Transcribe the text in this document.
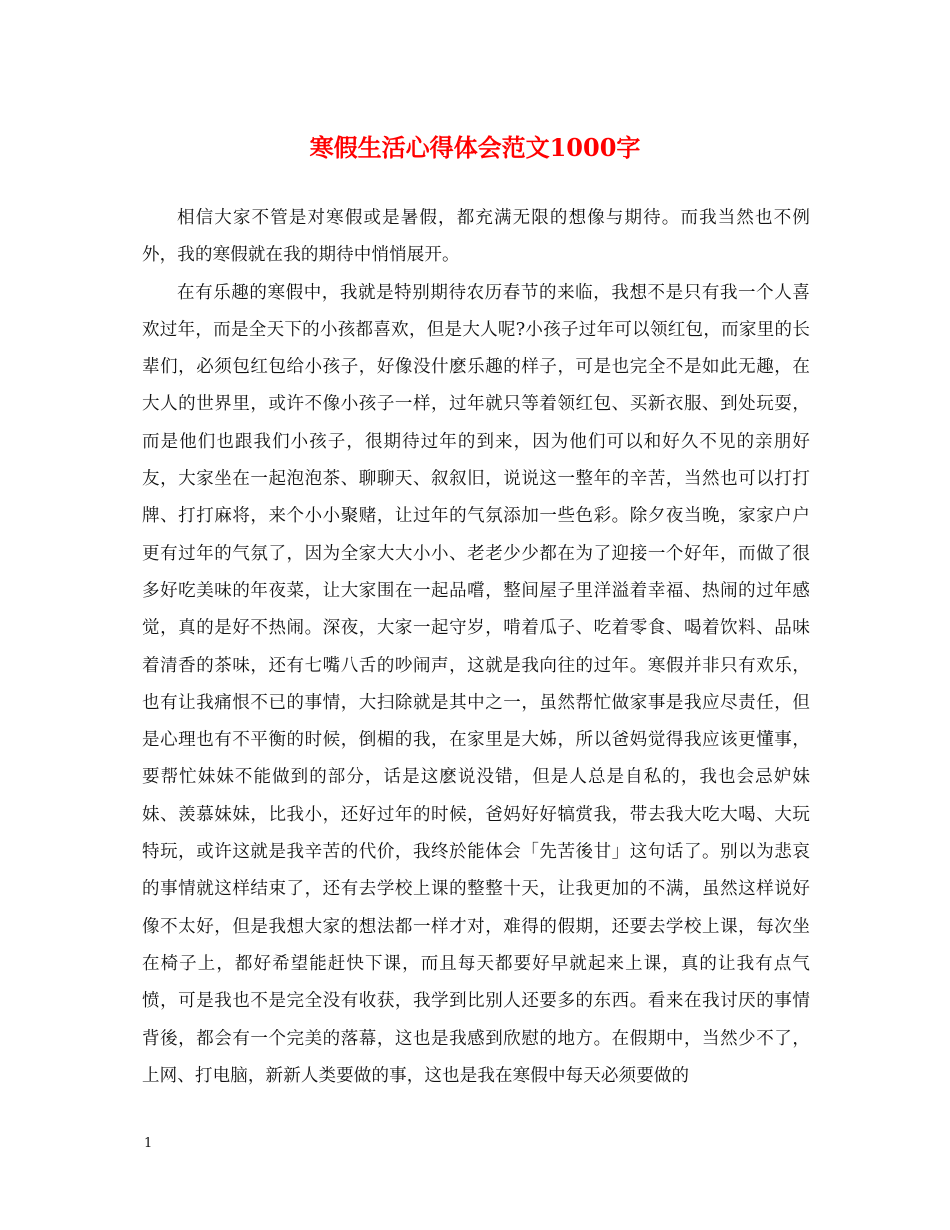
寒假生活心得体会范文1000字

相信大家不管是对寒假或是暑假，都充满无限的想像与期待。而我当然也不例外，我的寒假就在我的期待中悄悄展开。

在有乐趣的寒假中，我就是特别期待农历春节的来临，我想不是只有我一个人喜欢过年，而是全天下的小孩都喜欢，但是大人呢?小孩子过年可以领红包，而家里的长辈们，必须包红包给小孩子，好像没什麽乐趣的样子，可是也完全不是如此无趣，在大人的世界里，或许不像小孩子一样，过年就只等着领红包、买新衣服、到处玩耍，而是他们也跟我们小孩子，很期待过年的到来，因为他们可以和好久不见的亲朋好友，大家坐在一起泡泡茶、聊聊天、叙叙旧，说说这一整年的辛苦，当然也可以打打牌、打打麻将，来个小小聚赌，让过年的气氛添加一些色彩。除夕夜当晚，家家户户更有过年的气氛了，因为全家大大小小、老老少少都在为了迎接一个好年，而做了很多好吃美味的年夜菜，让大家围在一起品嚐，整间屋子里洋溢着幸福、热闹的过年感觉，真的是好不热闹。深夜，大家一起守岁，啃着瓜子、吃着零食、喝着饮料、品味着清香的茶味，还有七嘴八舌的吵闹声，这就是我向往的过年。寒假并非只有欢乐，也有让我痛恨不已的事情，大扫除就是其中之一，虽然帮忙做家事是我应尽责任，但是心理也有不平衡的时候，倒楣的我，在家里是大姊，所以爸妈觉得我应该更懂事，要帮忙妹妹不能做到的部分，话是这麽说没错，但是人总是自私的，我也会忌妒妹妹、羡慕妹妹，比我小，还好过年的时候，爸妈好好犒赏我，带去我大吃大喝、大玩特玩，或许这就是我辛苦的代价，我终於能体会「先苦後甘」这句话了。别以为悲哀的事情就这样结束了，还有去学校上课的整整十天，让我更加的不满，虽然这样说好像不太好，但是我想大家的想法都一样才对，难得的假期，还要去学校上课，每次坐在椅子上，都好希望能赶快下课，而且每天都要好早就起来上课，真的让我有点气愤，可是我也不是完全没有收获，我学到比别人还要多的东西。看来在我讨厌的事情背後，都会有一个完美的落幕，这也是我感到欣慰的地方。在假期中，当然少不了，上网、打电脑，新新人类要做的事，这也是我在寒假中每天必须要做的

1
